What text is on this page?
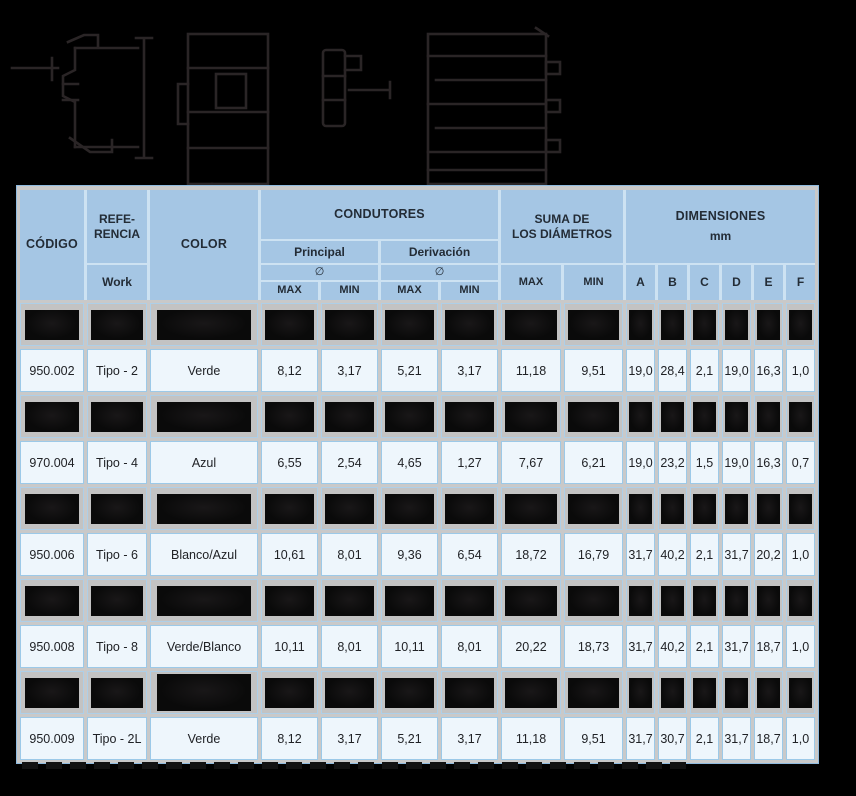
CÓDIGO
REFE-
RENCIA
Work
COLOR
CONDUTORES
Principal	Derivación
∅	∅
MAX	MIN	MAX	MIN
SUMA DE
LOS DIÁMETROS
MAX	MIN
DIMENSIONES
mm
A B C D E F
950.002	Tipo - 2	Verde	8,12	3,17	5,21	3,17	11,18	9,51	19,0 28,4 2,1 19,0 16,3 1,0
970.004	Tipo - 4	Azul	6,55	2,54	4,65	1,27	7,67	6,21	19,0 23,2 1,5 19,0 16,3 0,7
950.006	Tipo - 6	Blanco/Azul	10,61	8,01	9,36	6,54	18,72	16,79	31,7 40,2 2,1 31,7 20,2 1,0
950.008	Tipo - 8	Verde/Blanco	10,11	8,01	10,11	8,01	20,22	18,73	31,7 40,2 2,1 31,7 18,7 1,0
950.009	Tipo - 2L	Verde	8,12	3,17	5,21	3,17	11,18	9,51	31,7 30,7 2,1 31,7 18,7 1,0
